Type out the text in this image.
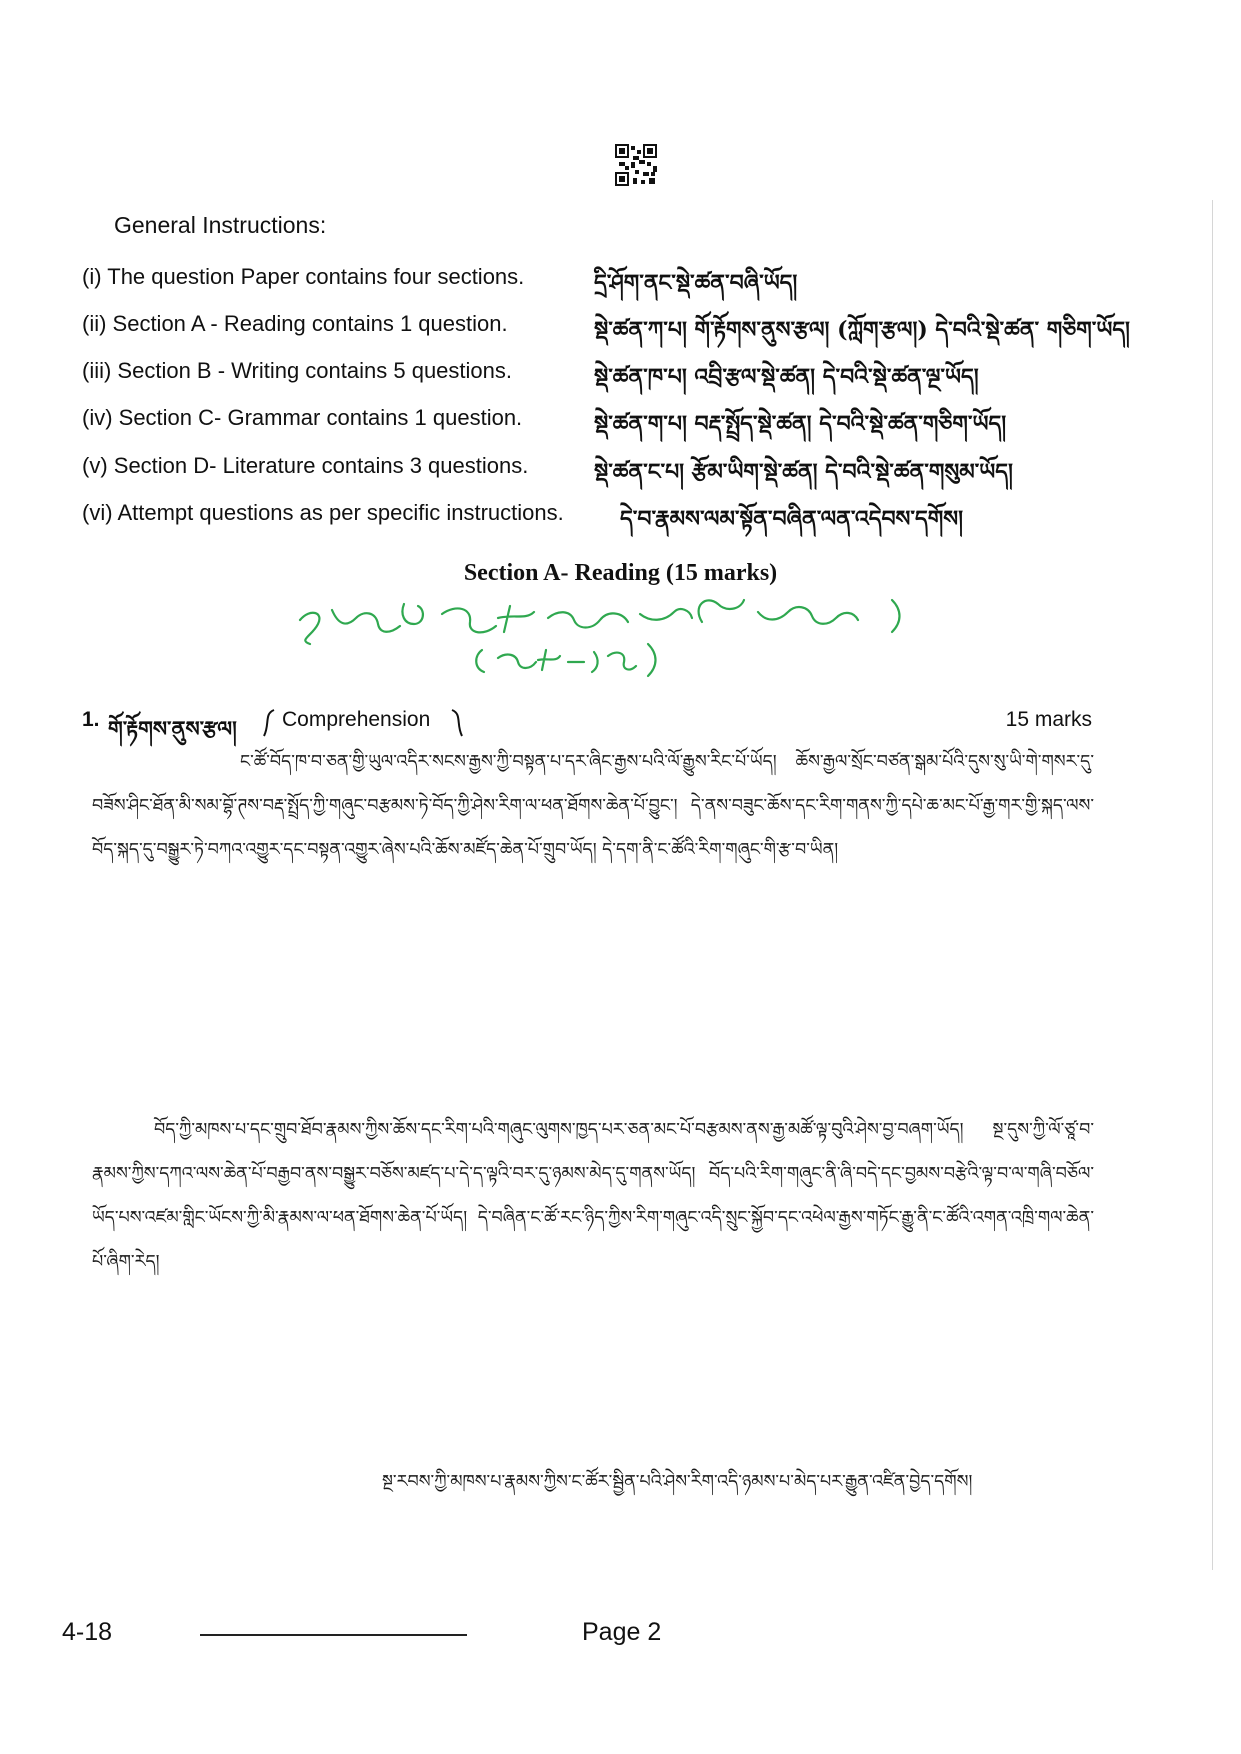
General Instructions:
(i) The question Paper contains four sections.	དྲི་ཤོག་ནང་སྡེ་ཚན་བཞི་ཡོད།
(ii) Section A - Reading contains 1 question.	སྡེ་ཚན་ཀ་པ། གོ་རྟོགས་ནུས་རྩལ། (ཀློག་རྩལ།) དེ་བའི་སྡེ་ཚན་ གཅིག་ཡོད།
(iii) Section B - Writing contains 5 questions.	སྡེ་ཚན་ཁ་པ། འབྲི་རྩལ་སྡེ་ཚན། དེ་བའི་སྡེ་ཚན་ལྔ་ཡོད།
(iv) Section C- Grammar contains 1 question.	སྡེ་ཚན་ག་པ། བརྡ་སྤྲོད་སྡེ་ཚན། དེ་བའི་སྡེ་ཚན་གཅིག་ཡོད།
(v) Section D- Literature contains 3 questions.	སྡེ་ཚན་ང་པ། རྩོམ་ཡིག་སྡེ་ཚན། དེ་བའི་སྡེ་ཚན་གསུམ་ཡོད།
(vi) Attempt questions as per specific instructions.	དེ་བ་རྣམས་ལམ་སྟོན་བཞིན་ལན་འདེབས་དགོས།
Section A- Reading (15 marks)
1. གོ་རྟོགས་ནུས་རྩལ། Comprehension	15 marks
ང་ཚོ་བོད་ཁ་བ་ཅན་གྱི་ཡུལ་འདིར་སངས་རྒྱས་ཀྱི་བསྟན་པ་དར་ཞིང་རྒྱས་པའི་ལོ་རྒྱུས་རིང་པོ་ཡོད། ཆོས་རྒྱལ་སྲོང་བཙན་སྒམ་པོའི་དུས་སུ་ཡི་གེ་གསར་དུ་བཟོས་ཤིང་ཐོན་མི་སམ་བྷོ་ཊས་བརྡ་སྤྲོད་ཀྱི་གཞུང་བརྩམས་ཏེ་བོད་ཀྱི་ཤེས་རིག་ལ་ཕན་ཐོགས་ཆེན་པོ་བྱུང་། དེ་ནས་བཟུང་ཆོས་དང་རིག་གནས་ཀྱི་དཔེ་ཆ་མང་པོ་རྒྱ་གར་གྱི་སྐད་ལས་བོད་སྐད་དུ་བསྒྱུར་ཏེ་བཀའ་འགྱུར་དང་བསྟན་འགྱུར་ཞེས་པའི་ཆོས་མཛོད་ཆེན་པོ་གྲུབ་ཡོད། དེ་དག་ནི་ང་ཚོའི་རིག་གཞུང་གི་རྩ་བ་ཡིན།
བོད་ཀྱི་མཁས་པ་དང་གྲུབ་ཐོབ་རྣམས་ཀྱིས་ཆོས་དང་རིག་པའི་གཞུང་ལུགས་ཁྱད་པར་ཅན་མང་པོ་བརྩམས་ནས་རྒྱ་མཚོ་ལྟ་བུའི་ཤེས་བྱ་བཞག་ཡོད། སྔ་དུས་ཀྱི་ལོ་ཙཱ་བ་རྣམས་ཀྱིས་དཀའ་ལས་ཆེན་པོ་བརྒྱབ་ནས་བསྒྱུར་བཅོས་མཛད་པ་དེ་ད་ལྟའི་བར་དུ་ཉམས་མེད་དུ་གནས་ཡོད། བོད་པའི་རིག་གཞུང་ནི་ཞི་བདེ་དང་བྱམས་བརྩེའི་ལྟ་བ་ལ་གཞི་བཅོལ་ཡོད་པས་འཛམ་གླིང་ཡོངས་ཀྱི་མི་རྣམས་ལ་ཕན་ཐོགས་ཆེན་པོ་ཡོད། དེ་བཞིན་ང་ཚོ་རང་ཉིད་ཀྱིས་རིག་གཞུང་འདི་སྲུང་སྐྱོབ་དང་འཕེལ་རྒྱས་གཏོང་རྒྱུ་ནི་ང་ཚོའི་འགན་འཁྲི་གལ་ཆེན་པོ་ཞིག་རེད།
སྔ་རབས་ཀྱི་མཁས་པ་རྣམས་ཀྱིས་ང་ཚོར་སྦྱིན་པའི་ཤེས་རིག་འདི་ཉམས་པ་མེད་པར་རྒྱུན་འཛིན་བྱེད་དགོས།
4-18	Page 2
